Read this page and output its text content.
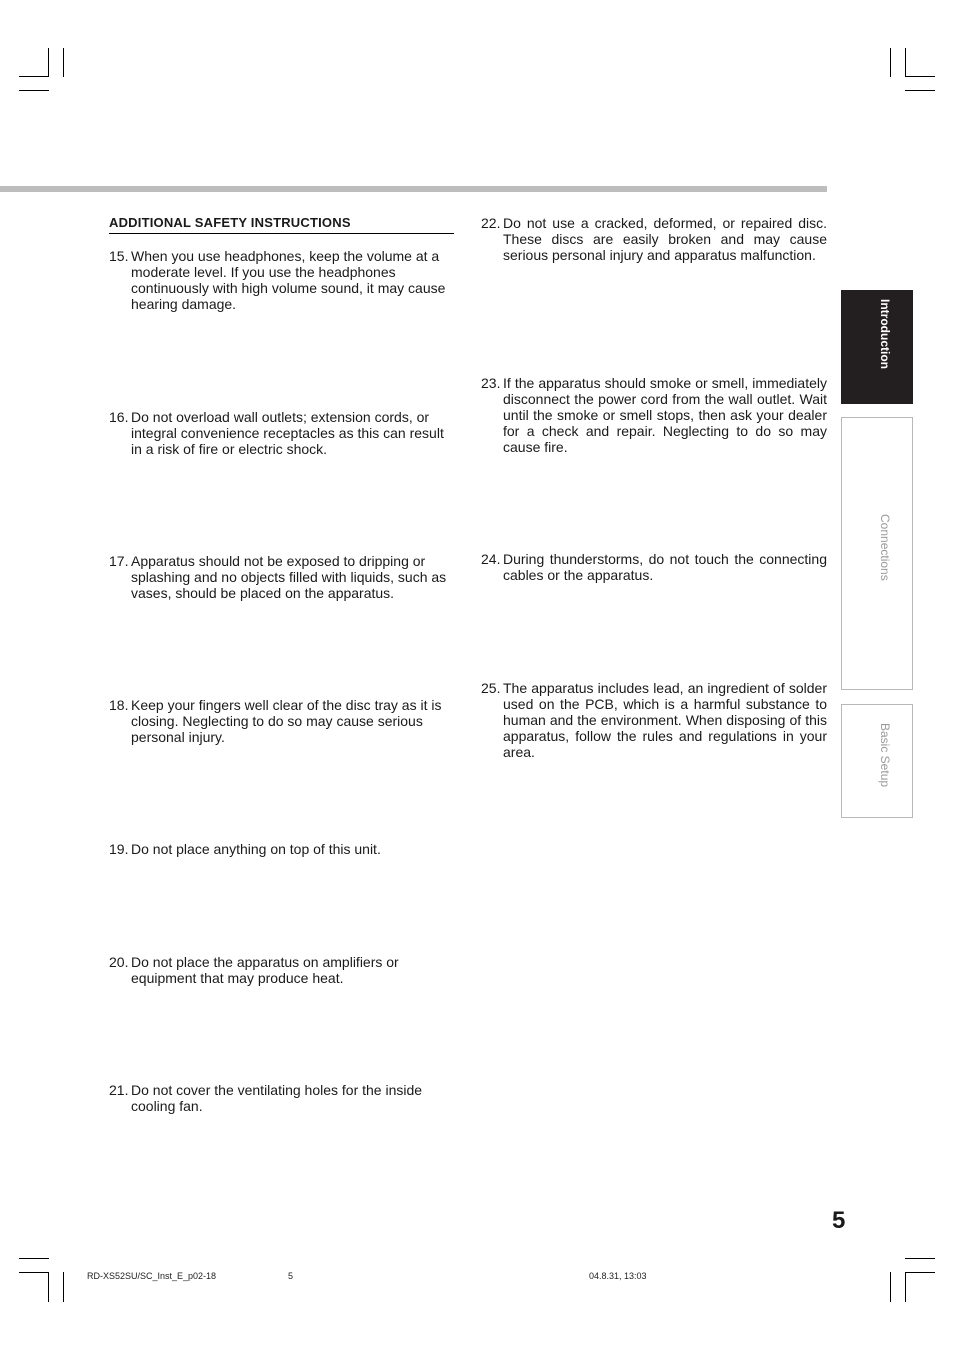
ADDITIONAL SAFETY INSTRUCTIONS
15. When you use headphones, keep the volume at a moderate level. If you use the headphones continuously with high volume sound, it may cause hearing damage.
16. Do not overload wall outlets; extension cords, or integral convenience receptacles as this can result in a risk of fire or electric shock.
17. Apparatus should not be exposed to dripping or splashing and no objects filled with liquids, such as vases, should be placed on the apparatus.
18. Keep your fingers well clear of the disc tray as it is closing. Neglecting to do so may cause serious personal injury.
19. Do not place anything on top of this unit.
20. Do not place the apparatus on amplifiers or equipment that may produce heat.
21. Do not cover the ventilating holes for the inside cooling fan.
22. Do not use a cracked, deformed, or repaired disc. These discs are easily broken and may cause serious personal injury and apparatus malfunction.
23. If the apparatus should smoke or smell, immediately disconnect the power cord from the wall outlet. Wait until the smoke or smell stops, then ask your dealer for a check and repair. Neglecting to do so may cause fire.
24. During thunderstorms, do not touch the connecting cables or the apparatus.
25. The apparatus includes lead, an ingredient of solder used on the PCB, which is a harmful substance to human and the environment. When disposing of this apparatus, follow the rules and regulations in your area.
Introduction
Connections
Basic Setup
5
RD-XS52SU/SC_Inst_E_p02-18	5	04.8.31, 13:03
